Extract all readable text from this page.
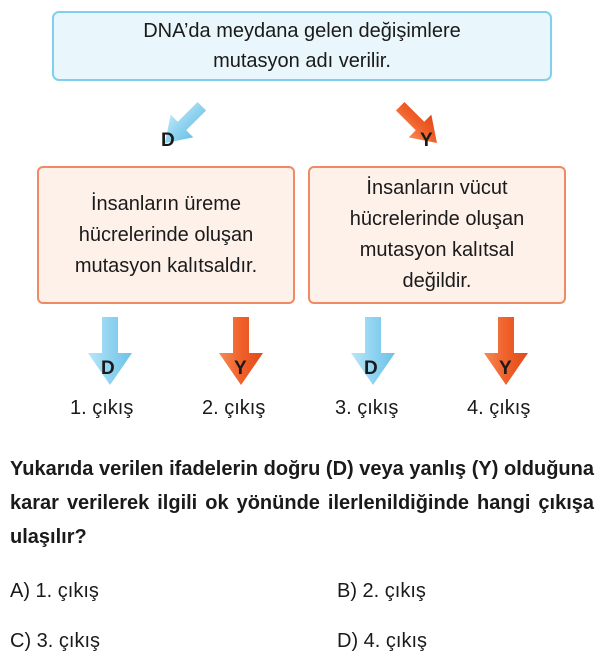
DNA’da meydana gelen değişimlere
mutasyon adı verilir.
D	Y
İnsanların üreme
hücrelerinde oluşan
mutasyon kalıtsaldır.
İnsanların vücut
hücrelerinde oluşan
mutasyon kalıtsal
değildir.
D	Y	D	Y
1. çıkış	2. çıkış	3. çıkış	4. çıkış
Yukarıda verilen ifadelerin doğru (D) veya yanlış (Y) olduğuna karar verilerek ilgili ok yönünde ilerlenildiğinde hangi çıkışa ulaşılır?
A) 1. çıkış	B) 2. çıkış
C) 3. çıkış	D) 4. çıkış
